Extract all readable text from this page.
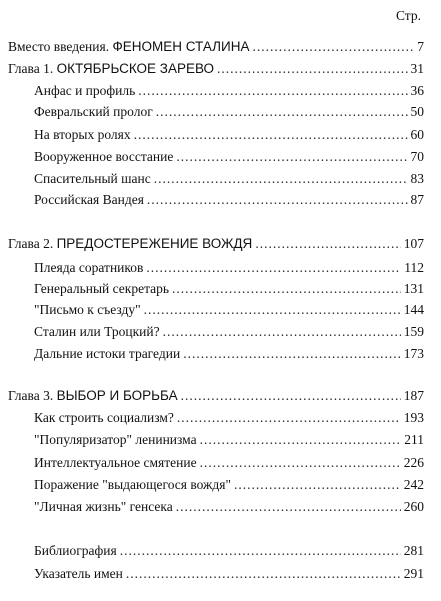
Стр.
Вместо введения. ФЕНОМЕН СТАЛИНА .....	7
Глава 1. ОКТЯБРЬСКОЕ ЗАРЕВО .....	31
Анфас и профиль .....	36
Февральский пролог .....	50
На вторых ролях .....	60
Вооруженное восстание .....	70
Спасительный шанс .....	83
Российская Вандея .....	87
Глава 2. ПРЕДОСТЕРЕЖЕНИЕ ВОЖДЯ .....	107
Плеяда соратников .....	112
Генеральный секретарь .....	131
"Письмо к съезду" .....	144
Сталин или Троцкий? .....	159
Дальние истоки трагедии .....	173
Глава 3. ВЫБОР И БОРЬБА .....	187
Как строить социализм? .....	193
"Популяризатор" ленинизма .....	211
Интеллектуальное смятение .....	226
Поражение "выдающегося вождя" .....	242
"Личная жизнь" генсека .....	260
Библиография .....	281
Указатель имен .....	291
